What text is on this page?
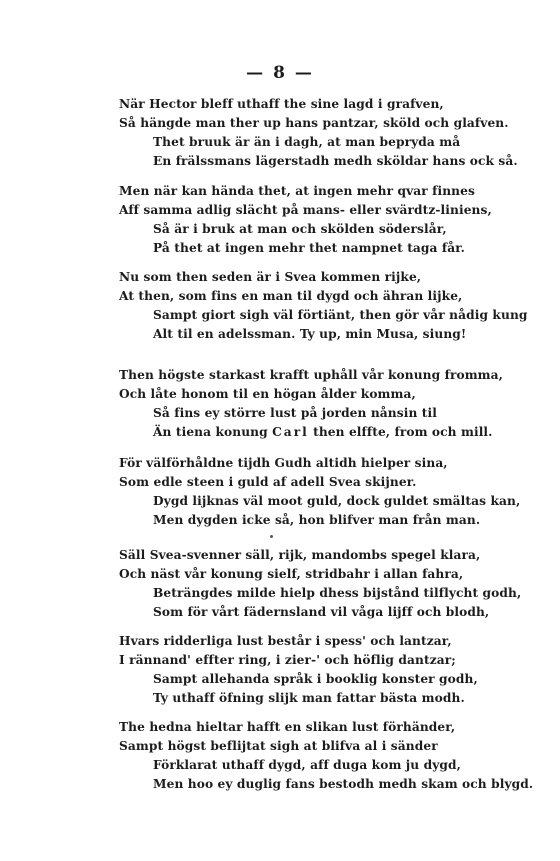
— 8 —
När Hector bleff uthaff the sine lagd i grafven,
Så hängde man ther up hans pantzar, sköld och glafven.
Thet bruuk är än i dagh, at man bepryda må
En frälssmans lägerstadh medh sköldar hans ock så.
Men när kan hända thet, at ingen mehr qvar finnes
Aff samma adlig slächt på mans- eller svärdtz-liniens,
Så är i bruk at man och skölden söderslår,
På thet at ingen mehr thet nampnet taga får.
Nu som then seden är i Svea kommen rijke,
At then, som fins en man til dygd och ähran lijke,
Sampt giort sigh väl förtiänt, then gör vår nådig kung
Alt til en adelssman. Ty up, min Musa, siung!
Then högste starkast krafft uphåll vår konung fromma,
Och låte honom til en högan ålder komma,
Så fins ey större lust på jorden nånsin til
Än tiena konung Carl then elffte, from och mill.
För välförhåldne tijdh Gudh altidh hielper sina,
Som edle steen i guld af adell Svea skijner.
Dygd lijknas väl moot guld, dock guldet smältas kan,
Men dygden icke så, hon blifver man från man.
Säll Svea-svenner säll, rijk, mandombs spegel klara,
Och näst vår konung sielf, stridbahr i allan fahra,
Beträngdes milde hielp dhess bijstånd tilflycht godh,
Som för vårt fädernsland vil våga lijff och blodh,
Hvars ridderliga lust består i spess' och lantzar,
I rännand' effter ring, i zier-' och höflig dantzar;
Sampt allehanda språk i booklig konster godh,
Ty uthaff öfning slijk man fattar bästa modh.
The hedna hieltar hafft en slikan lust förhänder,
Sampt högst beflijtat sigh at blifva al i sänder
Förklarat uthaff dygd, aff duga kom ju dygd,
Men hoo ey duglig fans bestodh medh skam och blygd.
